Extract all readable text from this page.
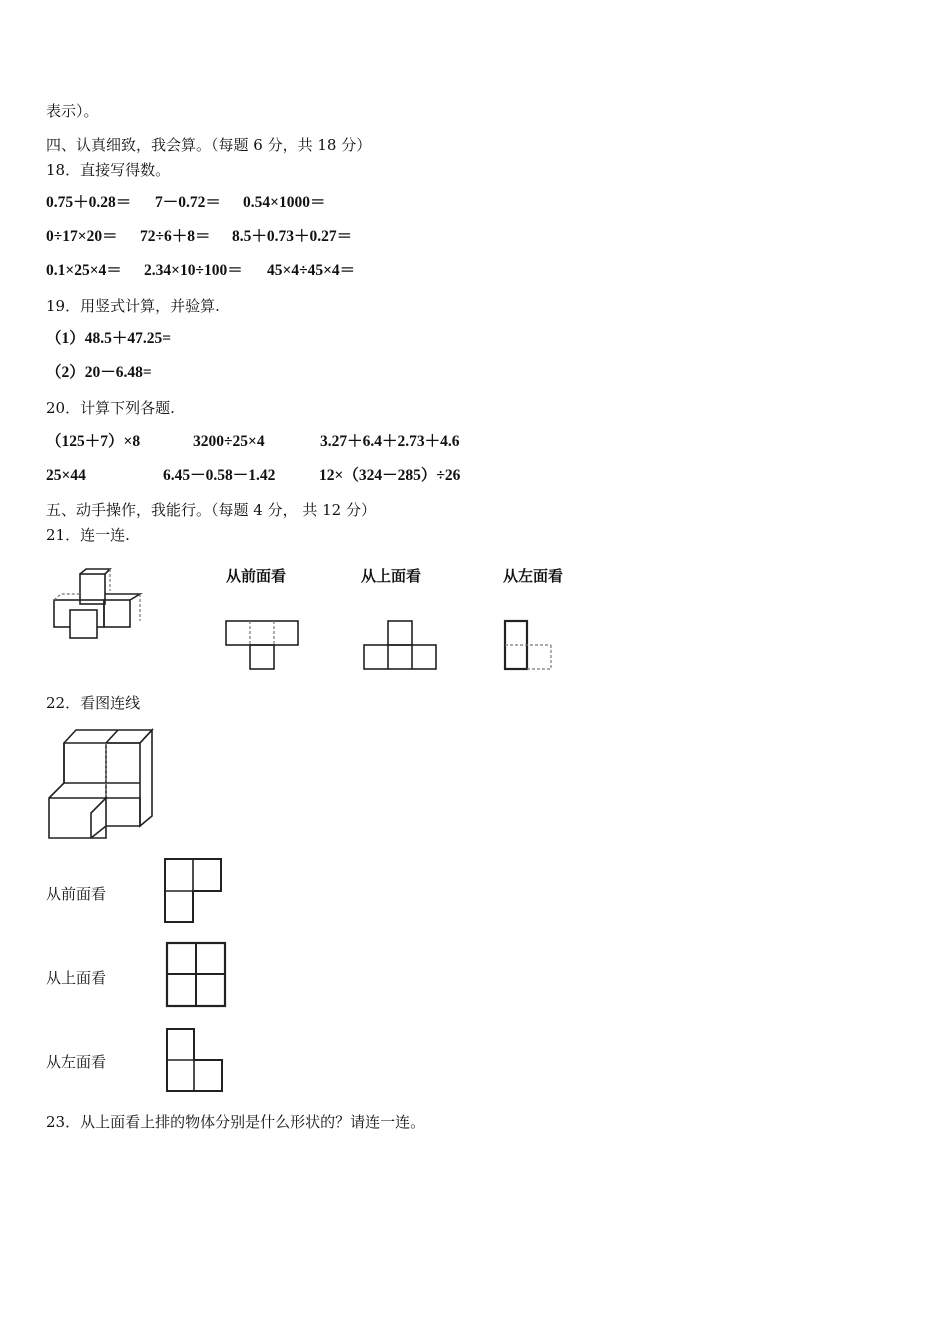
表示）。
四、认真细致，我会算。（每题 6 分，共 18 分）
18．直接写得数。
0.75＋0.28＝ 7－0.72＝ 0.54×1000＝
0÷17×20＝ 72÷6＋8＝ 8.5＋0.73＋0.27＝
0.1×25×4＝ 2.34×10÷100＝ 45×4÷45×4＝
19．用竖式计算，并验算.
（1）48.5＋47.25=
（2）20－6.48=
20．计算下列各题.
（125＋7）×8	3200÷25×4	3.27＋6.4＋2.73＋4.6
25×44	6.45－0.58－1.42	12×（324－285）÷26
五、动手操作，我能行。（每题 4 分， 共 12 分）
21．连一连.
从前面看	从上面看	从左面看
22．看图连线
从前面看
从上面看
从左面看
23．从上面看上排的物体分别是什么形状的？请连一连。
